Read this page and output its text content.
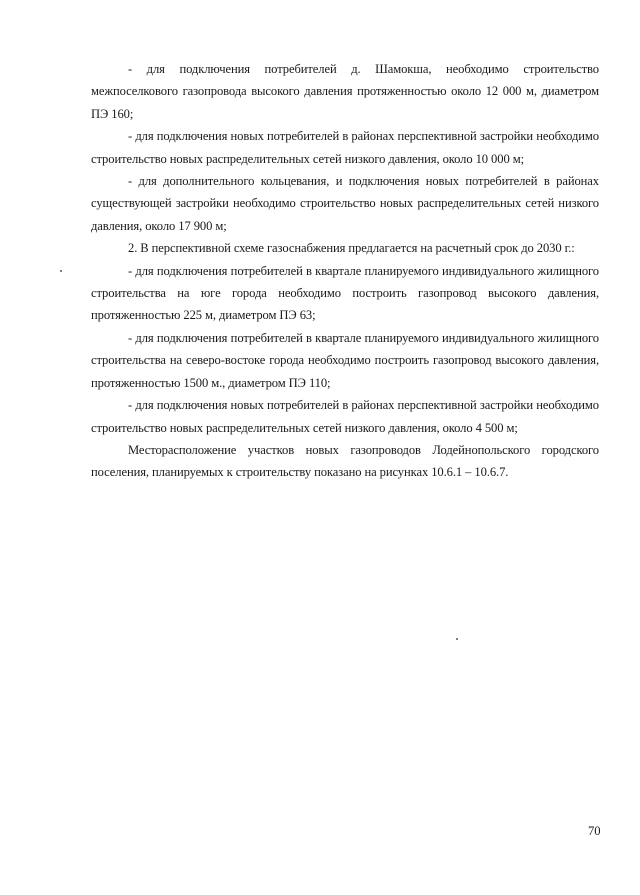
- для подключения потребителей д. Шамокша, необходимо строительство межпоселкового газопровода высокого давления протяженностью около 12 000 м, диаметром ПЭ 160;

- для подключения новых потребителей в районах перспективной застройки необходимо строительство новых распределительных сетей низкого давления, около 10 000 м;

- для дополнительного кольцевания, и подключения новых потребителей в районах существующей застройки необходимо строительство новых распределительных сетей низкого давления, около 17 900 м;

2. В перспективной схеме газоснабжения предлагается на расчетный срок до 2030 г.:

- для подключения потребителей в квартале планируемого индивидуального жилищного строительства на юге города необходимо построить газопровод высокого давления, протяженностью 225 м, диаметром ПЭ 63;

- для подключения потребителей в квартале планируемого индивидуального жилищного строительства на северо-востоке города необходимо построить газопровод высокого давления, протяженностью 1500 м., диаметром ПЭ 110;

- для подключения новых потребителей в районах перспективной застройки необходимо строительство новых распределительных сетей низкого давления, около 4 500 м;

Месторасположение участков новых газопроводов Лодейнопольского городского поселения, планируемых к строительству показано на рисунках 10.6.1 – 10.6.7.

70
